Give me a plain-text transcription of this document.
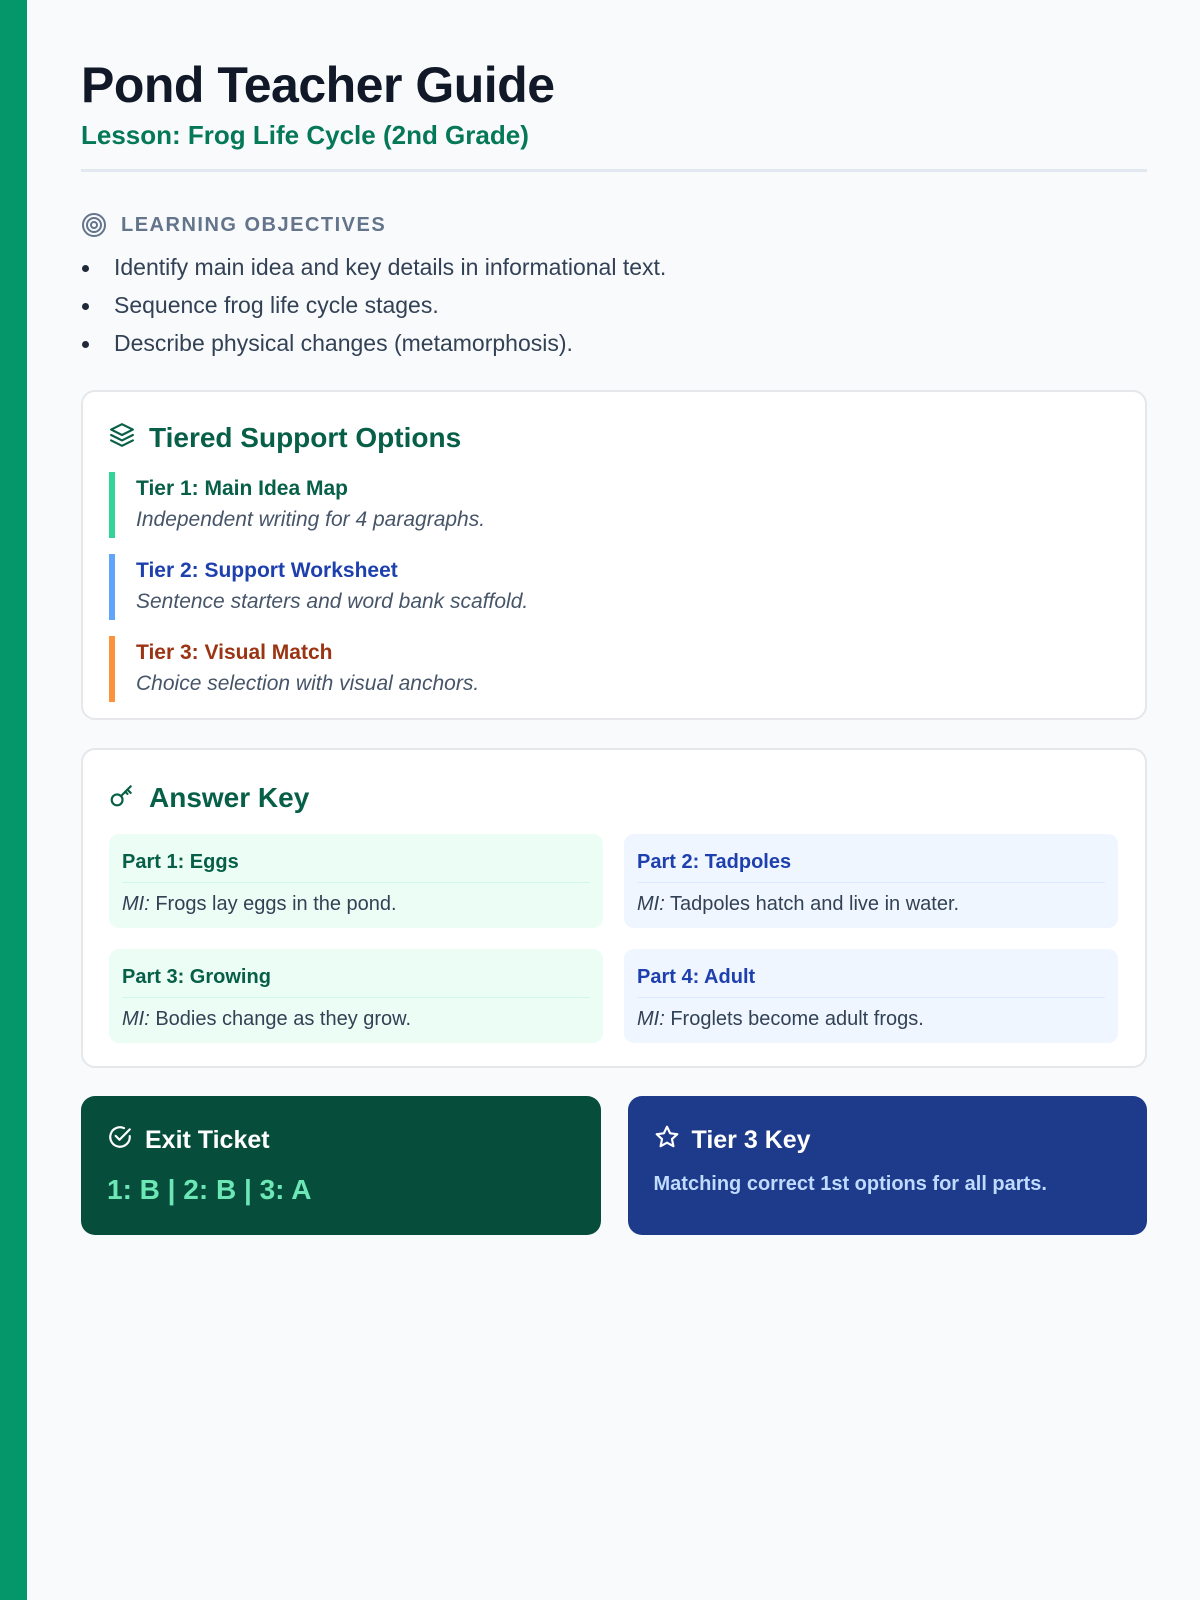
Pond Teacher Guide
Lesson: Frog Life Cycle (2nd Grade)
LEARNING OBJECTIVES
Identify main idea and key details in informational text.
Sequence frog life cycle stages.
Describe physical changes (metamorphosis).
Tiered Support Options
Tier 1: Main Idea Map
Independent writing for 4 paragraphs.
Tier 2: Support Worksheet
Sentence starters and word bank scaffold.
Tier 3: Visual Match
Choice selection with visual anchors.
Answer Key
Part 1: Eggs
MI: Frogs lay eggs in the pond.
Part 2: Tadpoles
MI: Tadpoles hatch and live in water.
Part 3: Growing
MI: Bodies change as they grow.
Part 4: Adult
MI: Froglets become adult frogs.
Exit Ticket
1: B | 2: B | 3: A
Tier 3 Key
Matching correct 1st options for all parts.
